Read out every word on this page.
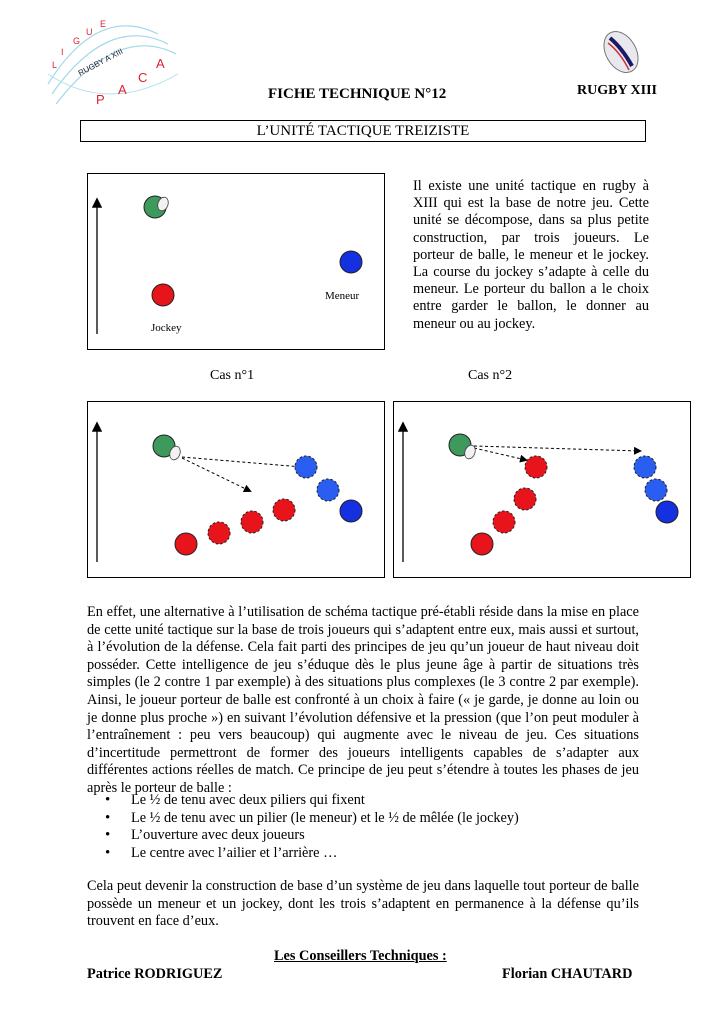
L
I
G
U
E
RUGBY A XIII
P
A
C
A
FICHE TECHNIQUE N°12	RUGBY XIII
L’UNITÉ TACTIQUE TREIZISTE
Meneur
Jockey
Il existe une unité tactique en rugby à XIII qui est la base de notre jeu. Cette unité se décompose, dans sa plus petite construction, par trois joueurs. Le porteur de balle, le meneur et le jockey. La course du jockey s’adapte à celle du meneur. Le porteur du ballon a le choix entre garder le ballon, le donner au meneur ou au jockey.
Cas n°1	Cas n°2
En effet, une alternative à l’utilisation de schéma tactique pré-établi réside dans la mise en place de cette unité tactique sur la base de trois joueurs qui s’adaptent entre eux, mais aussi et surtout, à l’évolution de la défense. Cela fait parti des principes de jeu qu’un joueur de haut niveau doit posséder. Cette intelligence de jeu s’éduque dès le plus jeune âge à partir de situations très simples (le 2 contre 1 par exemple) à des situations plus complexes (le 3 contre 2 par exemple). Ainsi, le joueur porteur de balle est confronté à un choix à faire (« je garde, je donne au loin ou je donne plus proche ») en suivant l’évolution défensive et la pression (que l’on peut moduler à l’entraînement : peu vers beaucoup) qui augmente avec le niveau de jeu. Ces situations d’incertitude permettront de former des joueurs intelligents capables de s’adapter aux différentes actions réelles de match. Ce principe de jeu peut s’étendre à toutes les phases de jeu après le porteur de balle :
• Le ½ de tenu avec deux piliers qui fixent
• Le ½ de tenu avec un pilier (le meneur) et le ½ de mêlée (le jockey)
• L’ouverture avec deux joueurs
• Le centre avec l’ailier et l’arrière …
Cela peut devenir la construction de base d’un système de jeu dans laquelle tout porteur de balle possède un meneur et un jockey, dont les trois s’adaptent en permanence à la défense qu’ils trouvent en face d’eux.
Les Conseillers Techniques :
Patrice RODRIGUEZ	Florian CHAUTARD
